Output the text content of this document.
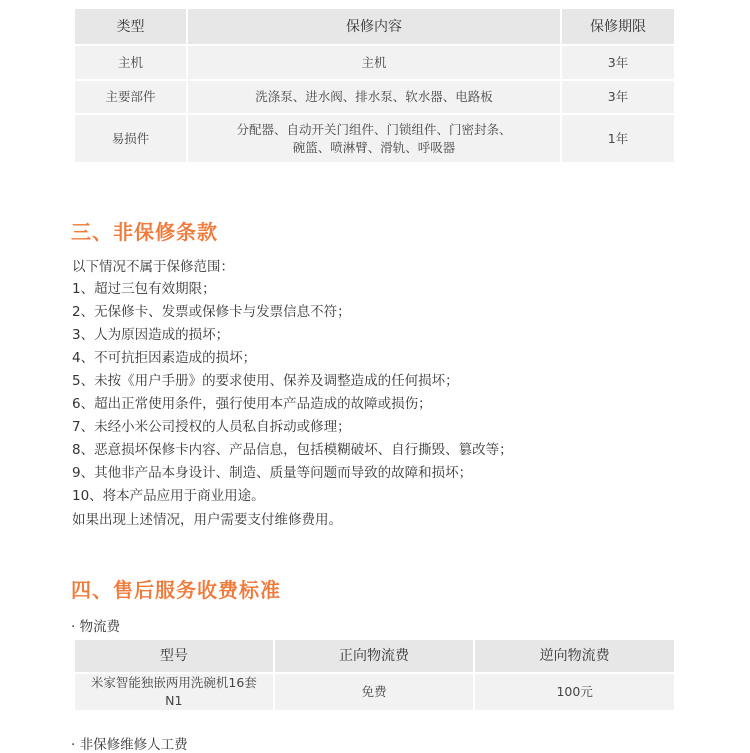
类型	保修内容	保修期限
主机	主机	3年
主要部件	洗涤泵、进水阀、排水泵、软水器、电路板	3年
易损件	分配器、自动开关门组件、门锁组件、门密封条、
碗篮、喷淋臂、滑轨、呼吸器	1年
三、非保修条款

以下情况不属于保修范围：

1、超过三包有效期限；
2、无保修卡、发票或保修卡与发票信息不符；
3、人为原因造成的损坏；
4、不可抗拒因素造成的损坏；
5、未按《用户手册》的要求使用、保养及调整造成的任何损坏；
6、超出正常使用条件，强行使用本产品造成的故障或损伤；
7、未经小米公司授权的人员私自拆动或修理；
8、恶意损坏保修卡内容、产品信息，包括模糊破坏、自行撕毁、篡改等；
9、其他非产品本身设计、制造、质量等问题而导致的故障和损坏；
10、将本产品应用于商业用途。

如果出现上述情况，用户需要支付维修费用。

四、售后服务收费标准

· 物流费

型号	正向物流费	逆向物流费
米家智能独嵌两用洗碗机16套 N1	免费	100元

· 非保修维修人工费
